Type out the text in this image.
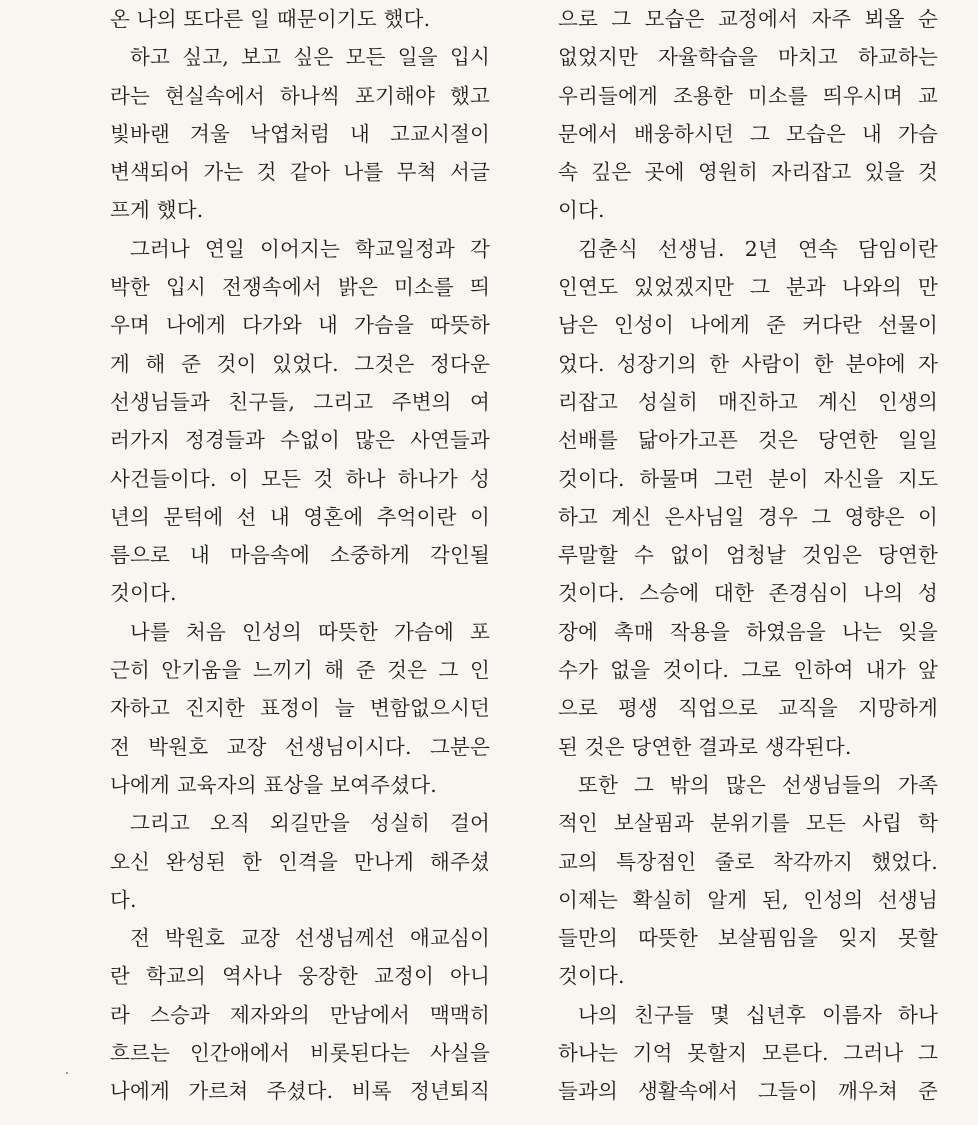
온 나의 또다른 일 때문이기도 했다.
하고 싶고, 보고 싶은 모든 일을 입시
라는 현실속에서 하나씩 포기해야 했고
빛바랜 겨울 낙엽처럼 내 고교시절이
변색되어 가는 것 같아 나를 무척 서글
프게 했다.
그러나 연일 이어지는 학교일정과 각
박한 입시 전쟁속에서 밝은 미소를 띄
우며 나에게 다가와 내 가슴을 따뜻하
게 해 준 것이 있었다. 그것은 정다운
선생님들과 친구들, 그리고 주변의 여
러가지 정경들과 수없이 많은 사연들과
사건들이다. 이 모든 것 하나 하나가 성
년의 문턱에 선 내 영혼에 추억이란 이
름으로 내 마음속에 소중하게 각인될
것이다.
나를 처음 인성의 따뜻한 가슴에 포
근히 안기움을 느끼기 해 준 것은 그 인
자하고 진지한 표정이 늘 변함없으시던
전 박원호 교장 선생님이시다. 그분은
나에게 교육자의 표상을 보여주셨다.
그리고 오직 외길만을 성실히 걸어
오신 완성된 한 인격을 만나게 해주셨
다.
전 박원호 교장 선생님께선 애교심이
란 학교의 역사나 웅장한 교정이 아니
라 스승과 제자와의 만남에서 맥맥히
흐르는 인간애에서 비롯된다는 사실을
나에게 가르쳐 주셨다. 비록 정년퇴직
으로 그 모습은 교정에서 자주 뵈올 순
없었지만 자율학습을 마치고 하교하는
우리들에게 조용한 미소를 띄우시며 교
문에서 배웅하시던 그 모습은 내 가슴
속 깊은 곳에 영원히 자리잡고 있을 것
이다.
김춘식 선생님. 2년 연속 담임이란
인연도 있었겠지만 그 분과 나와의 만
남은 인성이 나에게 준 커다란 선물이
었다. 성장기의 한 사람이 한 분야에 자
리잡고 성실히 매진하고 계신 인생의
선배를 닮아가고픈 것은 당연한 일일
것이다. 하물며 그런 분이 자신을 지도
하고 계신 은사님일 경우 그 영향은 이
루말할 수 없이 엄청날 것임은 당연한
것이다. 스승에 대한 존경심이 나의 성
장에 촉매 작용을 하였음을 나는 잊을
수가 없을 것이다. 그로 인하여 내가 앞
으로 평생 직업으로 교직을 지망하게
된 것은 당연한 결과로 생각된다.
또한 그 밖의 많은 선생님들의 가족
적인 보살핌과 분위기를 모든 사립 학
교의 특장점인 줄로 착각까지 했었다.
이제는 확실히 알게 된, 인성의 선생님
들만의 따뜻한 보살핌임을 잊지 못할
것이다.
나의 친구들 몇 십년후 이름자 하나
하나는 기억 못할지 모른다. 그러나 그
들과의 생활속에서 그들이 깨우쳐 준
